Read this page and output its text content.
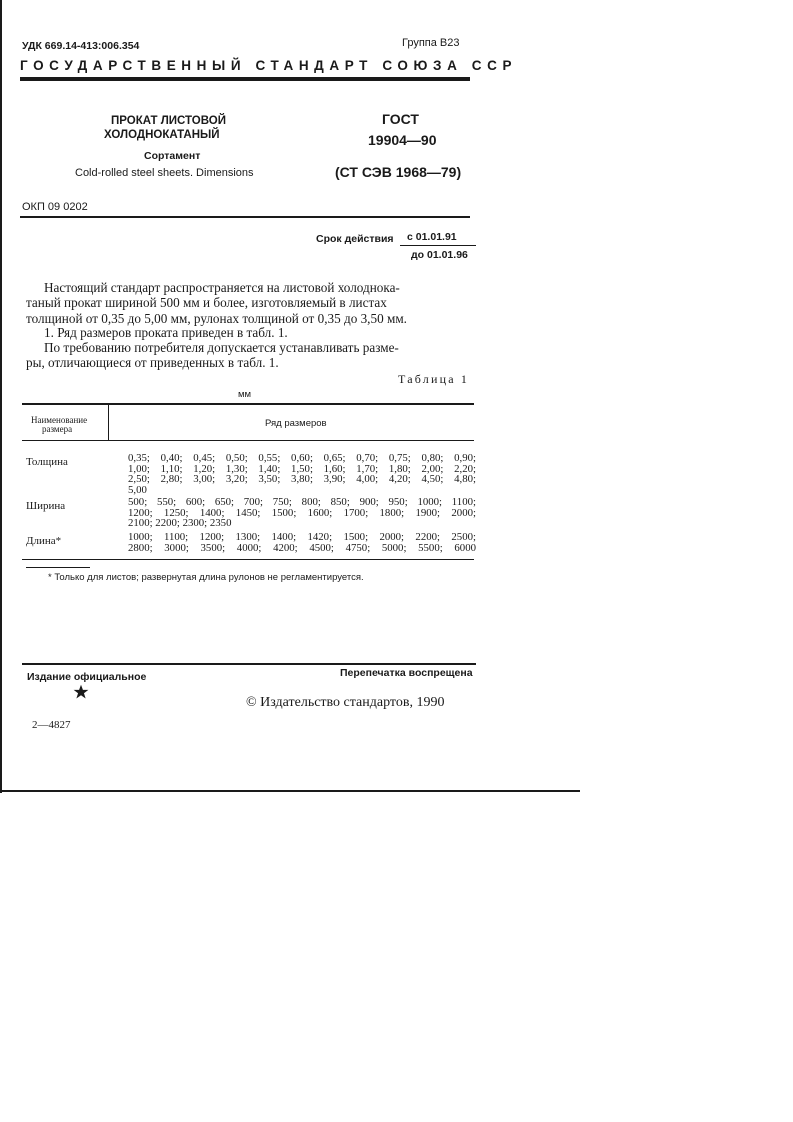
УДК 669.14-413:006.354	Группа В23
ГОСУДАРСТВЕННЫЙ СТАНДАРТ СОЮЗА ССР
ПРОКАТ ЛИСТОВОЙ
ХОЛОДНОКАТАНЫЙ
Сортамент
Cold-rolled steel sheets. Dimensions
ГОСТ
19904—90
(СТ СЭВ 1968—79)
ОКП 09 0202
Срок действия с 01.01.91
до 01.01.96
Настоящий стандарт распространяется на листовой холоднока-
таный прокат шириной 500 мм и более, изготовляемый в листах
толщиной от 0,35 до 5,00 мм, рулонах толщиной от 0,35 до 3,50 мм.
1. Ряд размеров проката приведен в табл. 1.
По требованию потребителя допускается устанавливать разме-
ры, отличающиеся от приведенных в табл. 1.
Таблица 1
мм
Наименование
размера	Ряд размеров
Толщина	0,35; 0,40; 0,45; 0,50; 0,55; 0,60; 0,65; 0,70; 0,75; 0,80; 0,90;
1,00; 1,10; 1,20; 1,30; 1,40; 1,50; 1,60; 1,70; 1,80; 2,00; 2,20;
2,50; 2,80; 3,00; 3,20; 3,50; 3,80; 3,90; 4,00; 4,20; 4,50; 4,80;
5,00
Ширина	500; 550; 600; 650; 700; 750; 800; 850; 900; 950; 1000; 1100;
1200; 1250; 1400; 1450; 1500; 1600; 1700; 1800; 1900; 2000;
2100; 2200; 2300; 2350
Длина*	1000; 1100; 1200; 1300; 1400; 1420; 1500; 2000; 2200; 2500;
2800; 3000; 3500; 4000; 4200; 4500; 4750; 5000; 5500; 6000
* Только для листов; развернутая длина рулонов не регламентируется.
Издание официальное	Перепечатка воспрещена
© Издательство стандартов, 1990
2—4827
